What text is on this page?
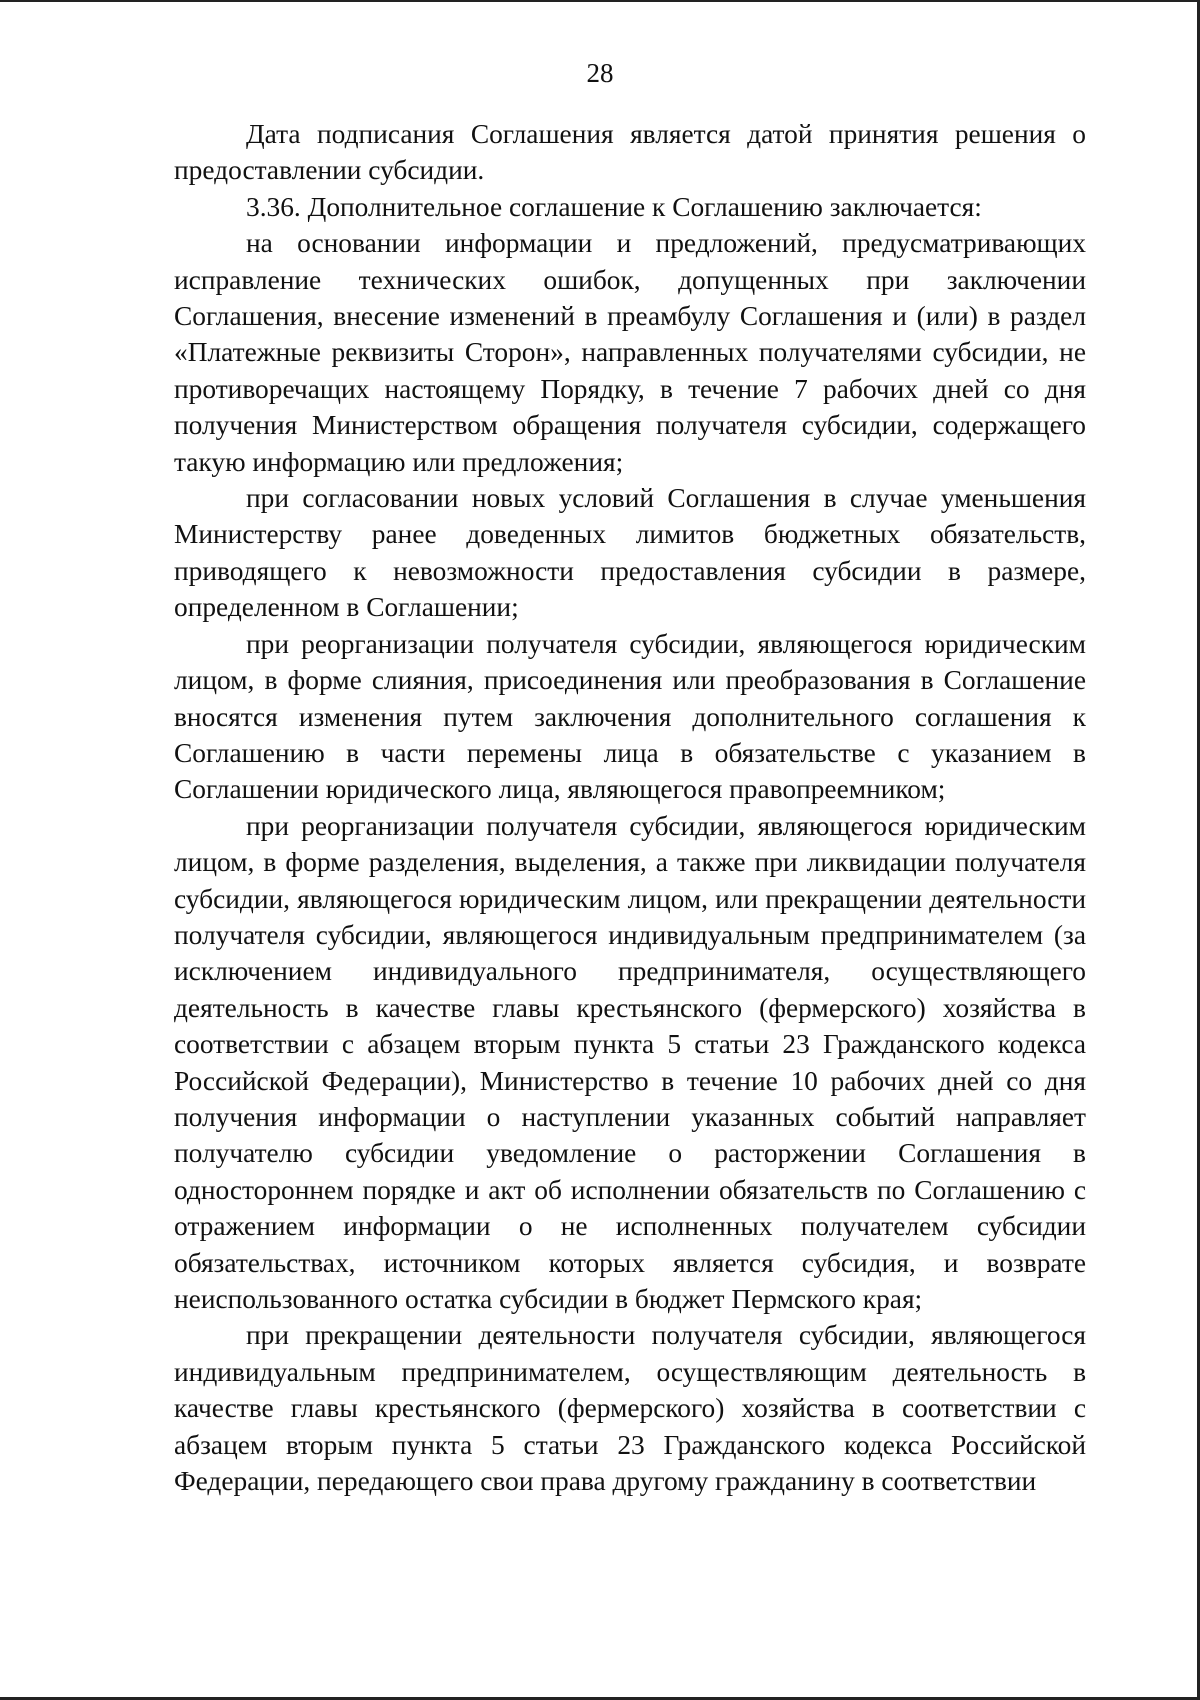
28

Дата подписания Соглашения является датой принятия решения о предоставлении субсидии.

3.36. Дополнительное соглашение к Соглашению заключается:

на основании информации и предложений, предусматривающих исправление технических ошибок, допущенных при заключении Соглашения, внесение изменений в преамбулу Соглашения и (или) в раздел «Платежные реквизиты Сторон», направленных получателями субсидии, не противоречащих настоящему Порядку, в течение 7 рабочих дней со дня получения Министерством обращения получателя субсидии, содержащего такую информацию или предложения;

при согласовании новых условий Соглашения в случае уменьшения Министерству ранее доведенных лимитов бюджетных обязательств, приводящего к невозможности предоставления субсидии в размере, определенном в Соглашении;

при реорганизации получателя субсидии, являющегося юридическим лицом, в форме слияния, присоединения или преобразования в Соглашение вносятся изменения путем заключения дополнительного соглашения к Соглашению в части перемены лица в обязательстве с указанием в Соглашении юридического лица, являющегося правопреемником;

при реорганизации получателя субсидии, являющегося юридическим лицом, в форме разделения, выделения, а также при ликвидации получателя субсидии, являющегося юридическим лицом, или прекращении деятельности получателя субсидии, являющегося индивидуальным предпринимателем (за исключением индивидуального предпринимателя, осуществляющего деятельность в качестве главы крестьянского (фермерского) хозяйства в соответствии с абзацем вторым пункта 5 статьи 23 Гражданского кодекса Российской Федерации), Министерство в течение 10 рабочих дней со дня получения информации о наступлении указанных событий направляет получателю субсидии уведомление о расторжении Соглашения в одностороннем порядке и акт об исполнении обязательств по Соглашению с отражением информации о не исполненных получателем субсидии обязательствах, источником которых является субсидия, и возврате неиспользованного остатка субсидии в бюджет Пермского края;

при прекращении деятельности получателя субсидии, являющегося индивидуальным предпринимателем, осуществляющим деятельность в качестве главы крестьянского (фермерского) хозяйства в соответствии с абзацем вторым пункта 5 статьи 23 Гражданского кодекса Российской Федерации, передающего свои права другому гражданину в соответствии
